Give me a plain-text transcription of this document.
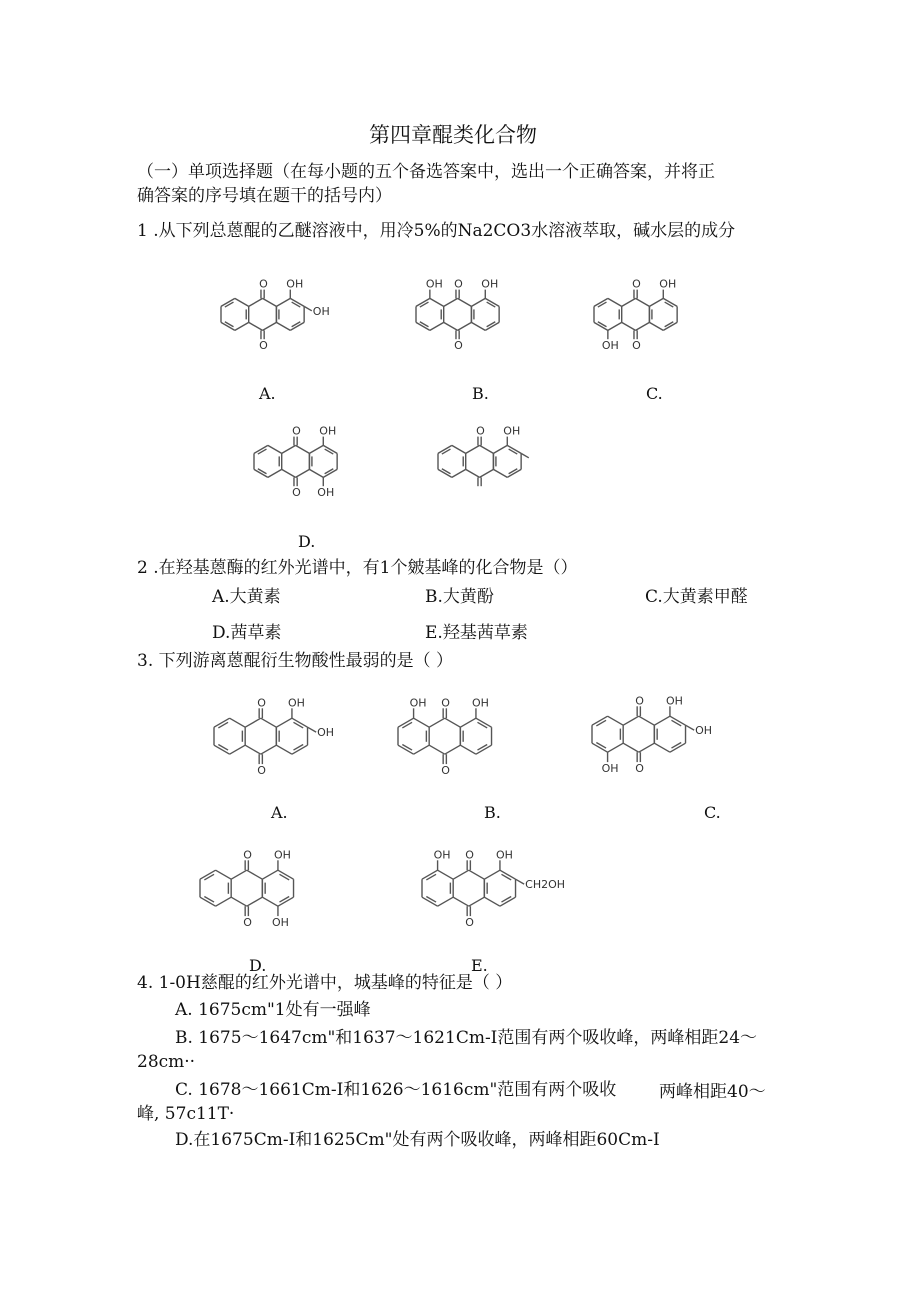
第四章醌类化合物
（一）单项选择题（在每小题的五个备选答案中，选出一个正确答案，并将正
确答案的序号填在题干的括号内）
1 .从下列总蒽醌的乙醚溶液中，用冷5%的Na2CO3水溶液萃取，碱水层的成分
O
O
OH
OH
O
O
OH	OH	O
O
OH
OH
O
O
OH
OH
O OH
A.	B.	C.
D.
2 .在羟基蒽酶的红外光谱中，有1个皴基峰的化合物是（）
A.大黄素	B.大黄酚	C.大黄素甲醛
D.茜草素	E.羟基茜草素
3. 下列游离蒽醌衍生物酸性最弱的是（ ）
O
O
OH
OH
O
O
OH	OH	O
O
OH
OH
OH
O
O
OH
OH
O
O
OH	OH
CH2OH
A.	B.	C.
D.	E.
4. 1-0H慈醌的红外光谱中，城基峰的特征是（ ）
A. 1675cm"1处有一强峰
B. 1675～1647cm"和1637～1621Cm-I范围有两个吸收峰，两峰相距24～
28cm··
C. 1678～1661Cm-I和1626～1616cm"范围有两个吸收	两峰相距40～
峰, 57c11T·
D.在1675Cm-I和1625Cm"处有两个吸收峰，两峰相距60Cm-I
